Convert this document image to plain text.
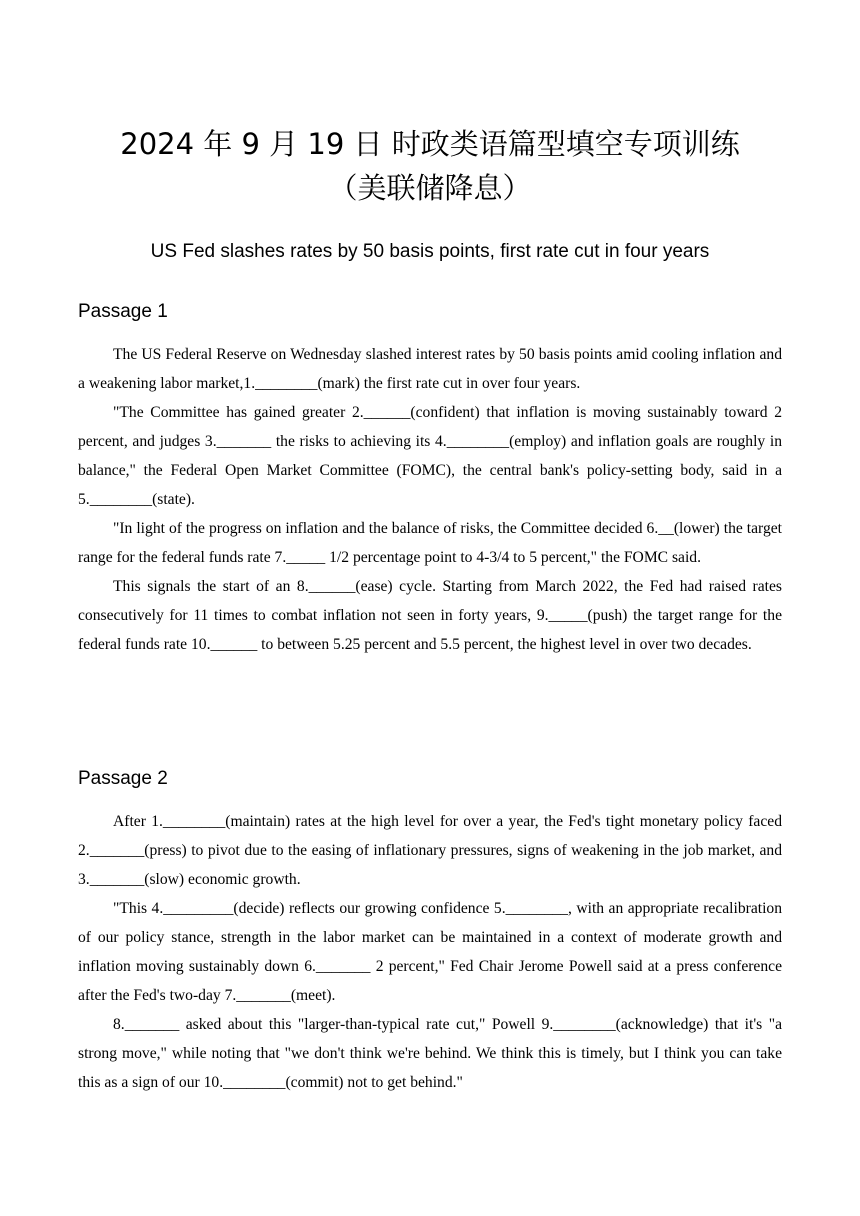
2024 年 9 月 19 日 时政类语篇型填空专项训练
（美联储降息）
US Fed slashes rates by 50 basis points, first rate cut in four years
Passage 1

The US Federal Reserve on Wednesday slashed interest rates by 50 basis points amid cooling inflation and a weakening labor market,1.________(mark) the first rate cut in over four years.

"The Committee has gained greater 2.______(confident) that inflation is moving sustainably toward 2 percent, and judges 3._______ the risks to achieving its 4.________(employ) and inflation goals are roughly in balance," the Federal Open Market Committee (FOMC), the central bank's policy-setting body, said in a 5.________(state).

"In light of the progress on inflation and the balance of risks, the Committee decided 6.__(lower) the target range for the federal funds rate 7._____ 1/2 percentage point to 4-3/4 to 5 percent," the FOMC said.

This signals the start of an 8.______(ease) cycle. Starting from March 2022, the Fed had raised rates consecutively for 11 times to combat inflation not seen in forty years, 9._____(push) the target range for the federal funds rate 10.______ to between 5.25 percent and 5.5 percent, the highest level in over two decades.

Passage 2

After 1.________(maintain) rates at the high level for over a year, the Fed's tight monetary policy faced 2._______(press) to pivot due to the easing of inflationary pressures, signs of weakening in the job market, and 3._______(slow) economic growth.

"This 4._________(decide) reflects our growing confidence 5.________, with an appropriate recalibration of our policy stance, strength in the labor market can be maintained in a context of moderate growth and inflation moving sustainably down 6._______ 2 percent," Fed Chair Jerome Powell said at a press conference after the Fed's two-day 7._______(meet).

8._______ asked about this "larger-than-typical rate cut," Powell 9.________(acknowledge) that it's "a strong move," while noting that "we don't think we're behind. We think this is timely, but I think you can take this as a sign of our 10.________(commit) not to get behind."
